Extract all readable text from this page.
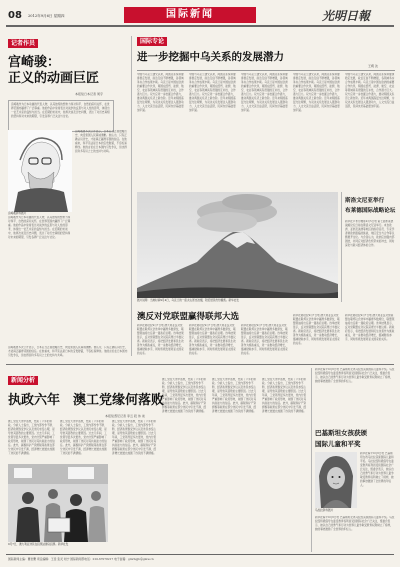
08 2012年9月6日 星期四	国际新闻	光明日報
记者作员
宫崎骏：
正义的动画巨匠
本报驻日本记者 周宇
宫崎骏作为日本动画的代表人物，以其独特的想象力和对和平、自然的深切关怀，在世界范围内赢得了广泛尊重。他的作品中常常表达对战争的反思与对人性的思考，体现出一位艺术家的良知与担当。在近期的访谈中，他再次谈及历史问题，表达了对历史真相的坚持和对未来的期望，引发各界广泛关注与讨论。
宫崎骏曾多次公开表示，日本应当正视侵略历史，向受害国人民真诚道歉。他认为，只有正确认识历史，才能真正赢得邻国的信任。在他看来，和平宪法是日本的宝贵财富，不容轻易修改。他的言论在日本国内引发争议，但也得到许多有识之士的支持与共鸣。
宫崎骏作为日本动画的代表人物，以其独特的想象力和对和平、自然的深切关怀，在世界范围内赢得了广泛尊重。他的作品中常常表达对战争的反思与对人性的思考，体现出一位艺术家的良知与担当。在近期的访谈中，他再次谈及历史问题，表达了对历史真相的坚持和对未来的期望，引发各界广泛关注与讨论。
宫崎骏资料图片
宫崎骏曾多次公开表示，日本应当正视侵略历史，向受害国人民真诚道歉。他认为，只有正确认识历史，才能真正赢得邻国的信任。在他看来，和平宪法是日本的宝贵财富，不容轻易修改。他的言论在日本国内引发争议，但也得到许多有识之士的支持与共鸣。
国际专论
进一步挖掘中乌关系的发展潜力
王朔 沈
中国与乌克兰建交以来，两国关系保持健康稳定发展，政治互信不断增强，各领域务实合作成果丰硕。乌克兰是中国在欧洲的重要合作伙伴，两国在经贸、能源、航空、农业等领域具有很强的互补性，合作潜力巨大。双方应进一步挖掘合作潜力，推动两国关系迈上新台阶。近年来两国高层交往频繁，为双边关系发展注入强劲动力，人文交流日益活跃，民间友好基础更加牢固。
中国与乌克兰建交以来，两国关系保持健康稳定发展，政治互信不断增强，各领域务实合作成果丰硕。乌克兰是中国在欧洲的重要合作伙伴，两国在经贸、能源、航空、农业等领域具有很强的互补性，合作潜力巨大。双方应进一步挖掘合作潜力，推动两国关系迈上新台阶。近年来两国高层交往频繁，为双边关系发展注入强劲动力，人文交流日益活跃，民间友好基础更加牢固。
中国与乌克兰建交以来，两国关系保持健康稳定发展，政治互信不断增强，各领域务实合作成果丰硕。乌克兰是中国在欧洲的重要合作伙伴，两国在经贸、能源、航空、农业等领域具有很强的互补性，合作潜力巨大。双方应进一步挖掘合作潜力，推动两国关系迈上新台阶。近年来两国高层交往频繁，为双边关系发展注入强劲动力，人文交流日益活跃，民间友好基础更加牢固。
中国与乌克兰建交以来，两国关系保持健康稳定发展，政治互信不断增强，各领域务实合作成果丰硕。乌克兰是中国在欧洲的重要合作伙伴，两国在经贸、能源、航空、农业等领域具有很强的互补性，合作潜力巨大。双方应进一步挖掘合作潜力，推动两国关系迈上新台阶。近年来两国高层交往频繁，为双边关系发展注入强劲动力，人文交流日益活跃，民间友好基础更加牢固。
中国与乌克兰建交以来，两国关系保持健康稳定发展，政治互信不断增强，各领域务实合作成果丰硕。乌克兰是中国在欧洲的重要合作伙伴，两国在经贸、能源、航空、农业等领域具有很强的互补性，合作潜力巨大。双方应进一步挖掘合作潜力，推动两国关系迈上新台阶。近年来两国高层交往频繁，为双边关系发展注入强劲动力，人文交流日益活跃，民间友好基础更加牢固。
图片说明：当地时间9月4日，乌克兰的一座火山冒出浓烟，附近居民纷纷撤离。新华社发
斯洛文尼亚举行
布莱德国际战略论坛
新华社卢布尔雅那9月5日电 第七届布莱德战略论坛日前在斯洛文尼亚举行。来自欧洲、亚洲及美洲等地区的政府官员、专家学者就欧洲面临的挑战、地区安全与合作等议题展开讨论。与会者认为，欧洲应加强内部团结，共同应对经济危机带来的冲击，同时深化与新兴经济体的合作。
澳反对党联盟赢得联邦大选
新华社堪培拉9月7日电 澳大利亚反对党联盟在联邦议会选举中赢得多数席位，联盟领袖将出任新一届政府总理。选举结果显示，反对党联盟在众议院获得过半数议席。新政府表示，将把经济发展和民生改善作为施政重点，进一步推动经济增长，缩减财政赤字，同时积极发展同亚太国家的关系。
新华社堪培拉9月7日电 澳大利亚反对党联盟在联邦议会选举中赢得多数席位，联盟领袖将出任新一届政府总理。选举结果显示，反对党联盟在众议院获得过半数议席。新政府表示，将把经济发展和民生改善作为施政重点，进一步推动经济增长，缩减财政赤字，同时积极发展同亚太国家的关系。
新华社堪培拉9月7日电 澳大利亚反对党联盟在联邦议会选举中赢得多数席位，联盟领袖将出任新一届政府总理。选举结果显示，反对党联盟在众议院获得过半数议席。新政府表示，将把经济发展和民生改善作为施政重点，进一步推动经济增长，缩减财政赤字，同时积极发展同亚太国家的关系。
新华社堪培拉9月7日电 澳大利亚反对党联盟在联邦议会选举中赢得多数席位，联盟领袖将出任新一届政府总理。选举结果显示，反对党联盟在众议院获得过半数议席。新政府表示，将把经济发展和民生改善作为施政重点，进一步推动经济增长，缩减财政赤字，同时积极发展同亚太国家的关系。
新华社堪培拉9月7日电 澳大利亚反对党联盟在联邦议会选举中赢得多数席位，联盟领袖将出任新一届政府总理。选举结果显示，反对党联盟在众议院获得过半数议席。新政府表示，将把经济发展和民生改善作为施政重点，进一步推动经济增长，缩减财政赤字，同时积极发展同亚太国家的关系。
新闻分析
执政六年　澳工党缘何落败
本报驻悉尼记者 李云 段 伟 谈
澳工党在大选中落败，结束了六年的执政。分析人士指出，工党内部纷争不断、经济政策饱受争议以及选民求变心理，是导致其落败的主要原因。过去几年间，工党领导层多次更迭，党内分裂严重影响了政府形象，削弱了选民对其执政能力的信任。此外，碳税和矿产资源税等政策在部分选民中引发不满，经济增长放缓也加剧了选民的不满情绪。
澳工党在大选中落败，结束了六年的执政。分析人士指出，工党内部纷争不断、经济政策饱受争议以及选民求变心理，是导致其落败的主要原因。过去几年间，工党领导层多次更迭，党内分裂严重影响了政府形象，削弱了选民对其执政能力的信任。此外，碳税和矿产资源税等政策在部分选民中引发不满，经济增长放缓也加剧了选民的不满情绪。
9月7日，澳大利亚选民在投票站排队投票。新华社发
澳工党在大选中落败，结束了六年的执政。分析人士指出，工党内部纷争不断、经济政策饱受争议以及选民求变心理，是导致其落败的主要原因。过去几年间，工党领导层多次更迭，党内分裂严重影响了政府形象，削弱了选民对其执政能力的信任。此外，碳税和矿产资源税等政策在部分选民中引发不满，经济增长放缓也加剧了选民的不满情绪。
澳工党在大选中落败，结束了六年的执政。分析人士指出，工党内部纷争不断、经济政策饱受争议以及选民求变心理，是导致其落败的主要原因。过去几年间，工党领导层多次更迭，党内分裂严重影响了政府形象，削弱了选民对其执政能力的信任。此外，碳税和矿产资源税等政策在部分选民中引发不满，经济增长放缓也加剧了选民的不满情绪。
澳工党在大选中落败，结束了六年的执政。分析人士指出，工党内部纷争不断、经济政策饱受争议以及选民求变心理，是导致其落败的主要原因。过去几年间，工党领导层多次更迭，党内分裂严重影响了政府形象，削弱了选民对其执政能力的信任。此外，碳税和矿产资源税等政策在部分选民中引发不满，经济增长放缓也加剧了选民的不满情绪。
澳工党在大选中落败，结束了六年的执政。分析人士指出，工党内部纷争不断、经济政策饱受争议以及选民求变心理，是导致其落败的主要原因。过去几年间，工党领导层多次更迭，党内分裂严重影响了政府形象，削弱了选民对其执政能力的信任。此外，碳税和矿产资源税等政策在部分选民中引发不满，经济增长放缓也加剧了选民的不满情绪。
新华社海牙9月6日电 巴基斯坦女孩马拉拉获颁国际儿童和平奖。马拉拉因积极倡导女童受教育权利而受到国际社会广泛关注，组委会表示，她以自己的勇气和行动为世界儿童争取受教育权利树立了榜样，她的事迹激励了全世界的年轻人。
巴基斯坦女孩获颁
国际儿童和平奖
新华社海牙9月6日电 巴基斯坦女孩马拉拉获颁国际儿童和平奖。马拉拉因积极倡导女童受教育权利而受到国际社会广泛关注，组委会表示，她以自己的勇气和行动为世界儿童争取受教育权利树立了榜样，她的事迹激励了全世界的年轻人。
马拉拉资料图片
新华社海牙9月6日电 巴基斯坦女孩马拉拉获颁国际儿童和平奖。马拉拉因积极倡导女童受教育权利而受到国际社会广泛关注，组委会表示，她以自己的勇气和行动为世界儿童争取受教育权利树立了榜样，她的事迹激励了全世界的年轻人。
国际新闻主编：曹世鹰 责任编辑：王佳 张灵 刘宁 国际新闻部电话：010-67078217 电子信箱：gmrbgjb@gmw.cn
